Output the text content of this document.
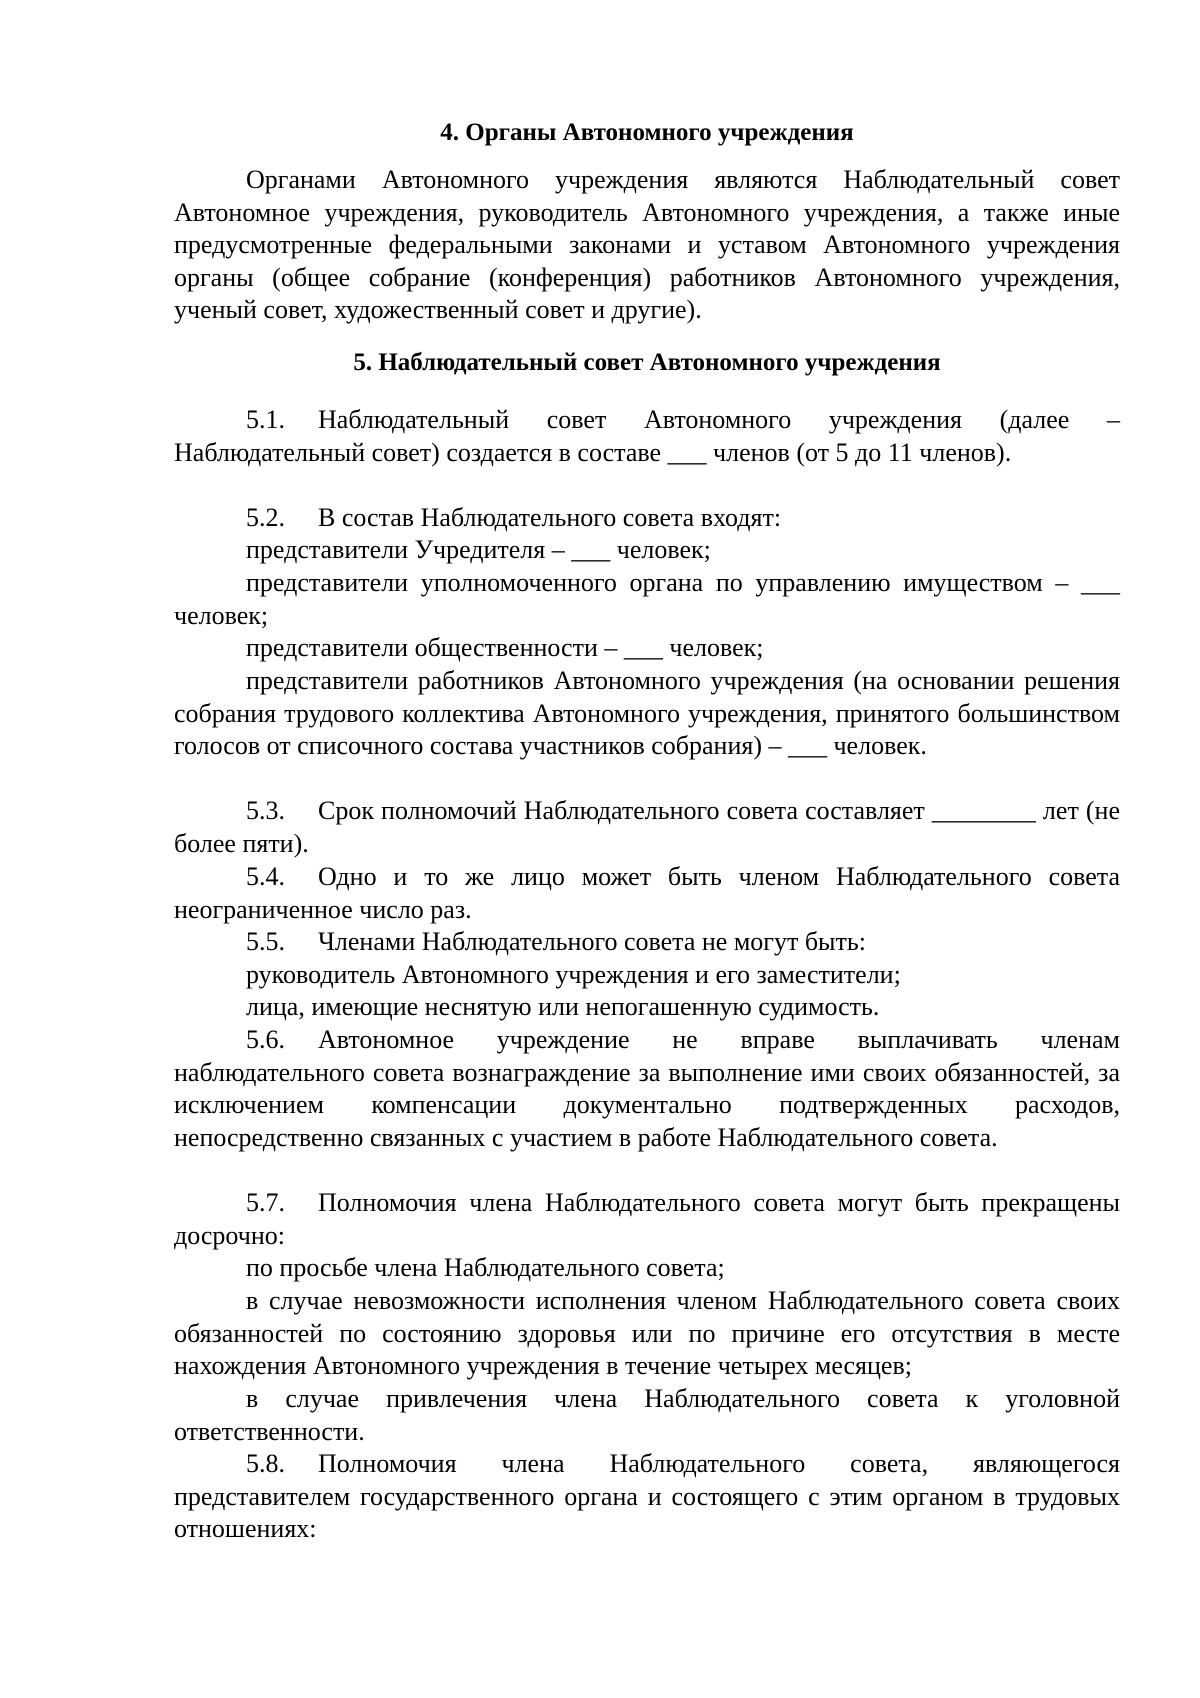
4. Органы Автономного учреждения

Органами Автономного учреждения являются Наблюдательный совет Автономное учреждения, руководитель Автономного учреждения, а также иные предусмотренные федеральными законами и уставом Автономного учреждения органы (общее собрание (конференция) работников Автономного учреждения, ученый совет, художественный совет и другие).

5. Наблюдательный совет Автономного учреждения

5.1. Наблюдательный совет Автономного учреждения (далее – Наблюдательный совет) создается в составе ___ членов (от 5 до 11 членов).

5.2. В состав Наблюдательного совета входят:

представители Учредителя – ___ человек;

представители уполномоченного органа по управлению имуществом – ___ человек;

представители общественности – ___ человек;

представители работников Автономного учреждения (на основании решения собрания трудового коллектива Автономного учреждения, принятого большинством голосов от списочного состава участников собрания) – ___ человек.

5.3. Срок полномочий Наблюдательного совета составляет ________ лет (не более пяти).

5.4. Одно и то же лицо может быть членом Наблюдательного совета неограниченное число раз.

5.5. Членами Наблюдательного совета не могут быть:

руководитель Автономного учреждения и его заместители;

лица, имеющие неснятую или непогашенную судимость.

5.6. Автономное учреждение не вправе выплачивать членам наблюдательного совета вознаграждение за выполнение ими своих обязанностей, за исключением компенсации документально подтвержденных расходов, непосредственно связанных с участием в работе Наблюдательного совета.

5.7. Полномочия члена Наблюдательного совета могут быть прекращены досрочно:

по просьбе члена Наблюдательного совета;

в случае невозможности исполнения членом Наблюдательного совета своих обязанностей по состоянию здоровья или по причине его отсутствия в месте нахождения Автономного учреждения в течение четырех месяцев;

в случае привлечения члена Наблюдательного совета к уголовной ответственности.

5.8. Полномочия члена Наблюдательного совета, являющегося представителем государственного органа и состоящего с этим органом в трудовых отношениях:
